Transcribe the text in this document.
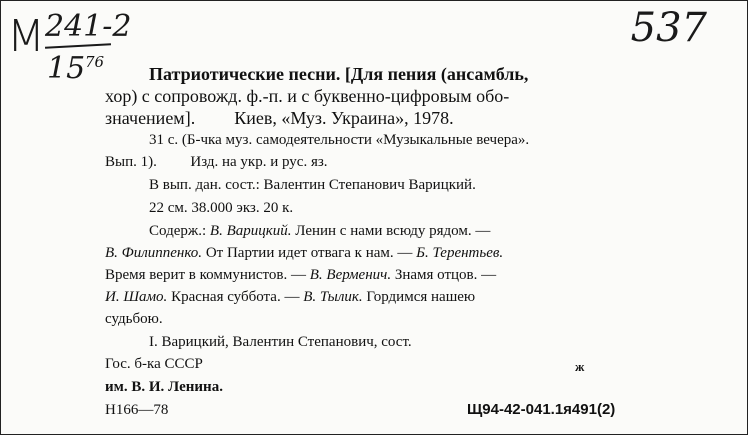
М 241-2
15 76
537
Патриотические песни. [Для пения (ансамбль,
хор) с сопровожд. ф.-п. и с буквенно-цифровым обо-
значением]. Киев, «Муз. Украина», 1978.
31 с. (Б-чка муз. самодеятельности «Музыкальные вечера».
Вып. 1). Изд. на укр. и рус. яз.
В вып. дан. сост.: Валентин Степанович Варицкий.
22 см. 38.000 экз. 20 к.
Содерж.: В. Варицкий. Ленин с нами всюду рядом. —
В. Филиппенко. От Партии идет отвага к нам. — Б. Терентьев.
Время верит в коммунистов. — В. Верменич. Знамя отцов. —
И. Шамо. Красная суббота. — В. Тылик. Гордимся нашею
судьбою.
I. Варицкий, Валентин Степанович, сост.
Гос. б-ка СССР	ж
им. В. И. Ленина.
Н166—78	Щ94-42-041.1я491(2)
